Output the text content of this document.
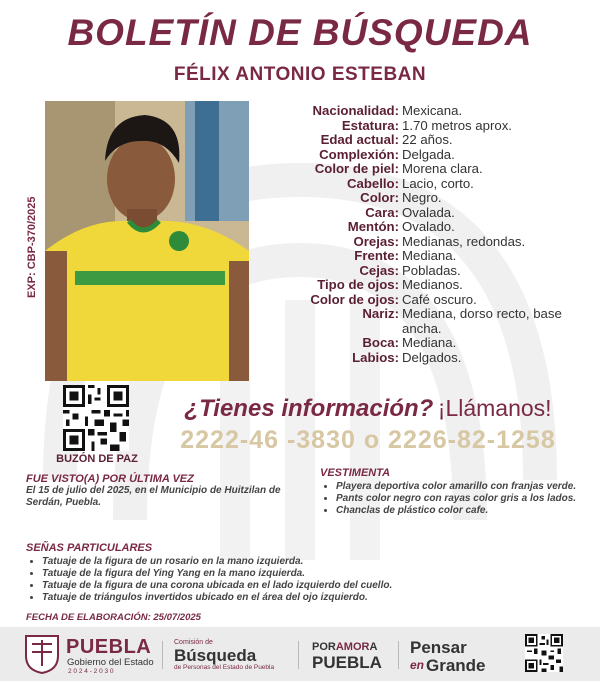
BOLETÍN DE BÚSQUEDA
FÉLIX ANTONIO ESTEBAN
EXP: CBP-370/2025
Nacionalidad: Mexicana.
Estatura: 1.70 metros aprox.
Edad actual: 22 años.
Complexión: Delgada.
Color de piel: Morena clara.
Cabello: Lacio, corto.
Color: Negro.
Cara: Ovalada.
Mentón: Ovalado.
Orejas: Medianas, redondas.
Frente: Mediana.
Cejas: Pobladas.
Tipo de ojos: Medianos.
Color de ojos: Café oscuro.
Nariz: Mediana, dorso recto, base ancha.
Boca: Mediana.
Labios: Delgados.
BUZÓN DE PAZ
¿Tienes información? ¡Llámanos!
2222-46 -3830 o 2226-82-1258
FUE VISTO(A) POR ÚLTIMA VEZ
El 15 de julio del 2025, en el Municipio de Huitzilan de Serdán, Puebla.
VESTIMENTA
• Playera deportiva color amarillo con franjas verde.
• Pants color negro con rayas color gris a los lados.
• Chanclas de plástico color cafe.
SEÑAS PARTICULARES
• Tatuaje de la figura de un rosario en la mano izquierda.
• Tatuaje de la figura del Ying Yang en la mano izquierda.
• Tatuaje de la figura de una corona ubicada en el lado izquierdo del cuello.
• Tatuaje de triángulos invertidos ubicado en el área del ojo izquierdo.
FECHA DE ELABORACIÓN: 25/07/2025
PUEBLA
Gobierno del Estado
2 0 2 4 - 2 0 3 0
Comisión de
Búsqueda
de Personas del Estado de Puebla
PORAMORA
PUEBLA
Pensar
en Grande
